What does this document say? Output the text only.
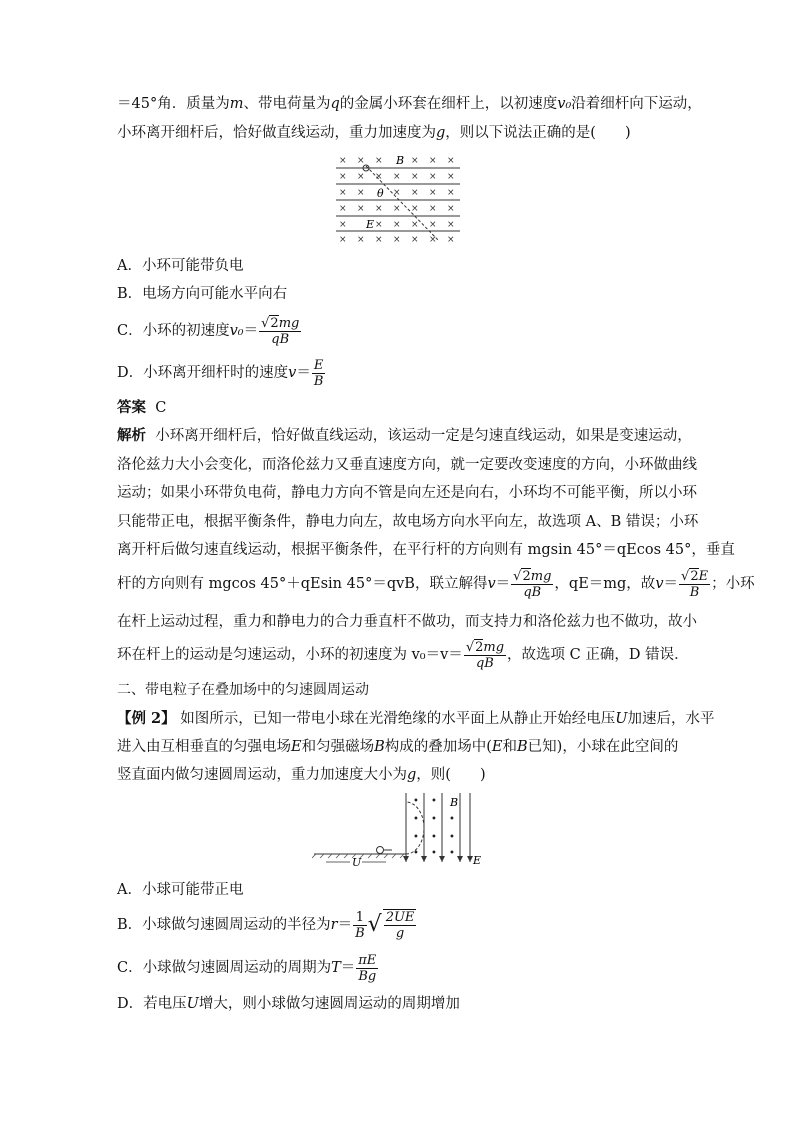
＝45°角．质量为m、带电荷量为q的金属小环套在细杆上，以初速度v₀沿着细杆向下运动，
小环离开细杆后，恰好做直线运动，重力加速度为g，则以下说法正确的是(　　)
× × ×	× × ×
× × × × × × ×
× ×	× × × ×
× × × × × × ×
×	× × × × ×
× × × × × × ×
B
θ
E
A．小环可能带负电
B．电场方向可能水平向右
C．小环的初速度$v_0= \frac{√2mg}{qB}$
D．小环离开细杆时的速度$v= \frac{E}{B}$
答案 C
解析 小环离开细杆后，恰好做直线运动，该运动一定是匀速直线运动，如果是变速运动，
洛伦兹力大小会变化，而洛伦兹力又垂直速度方向，就一定要改变速度的方向，小环做曲线
运动；如果小环带负电荷，静电力方向不管是向左还是向右，小环均不可能平衡，所以小环
只能带正电，根据平衡条件，静电力向左，故电场方向水平向左，故选项 A、B 错误；小环
离开杆后做匀速直线运动，根据平衡条件，在平行杆的方向则有 mgsin 45°＝qEcos 45°，垂直
杆的方向则有 mgcos 45°＋qEsin 45°＝qvB，联立解得$v= \frac{√2mg}{qB}$ ，qE＝mg，故$v= \frac{√2E}{B}$ ；小环
在杆上运动过程，重力和静电力的合力垂直杆不做功，而支持力和洛伦兹力也不做功，故小
环在杆上的运动是匀速运动，小环的初速度为 $v_0=v= \frac{√2mg}{qB}$ ，故选项 C 正确，D 错误．
二、带电粒子在叠加场中的匀速圆周运动
【例 2】 如图所示，已知一带电小球在光滑绝缘的水平面上从静止开始经电压U加速后，水平
进入由互相垂直的匀强电场E和匀强磁场B构成的叠加场中(E和B已知)，小球在此空间的
竖直面内做匀速圆周运动，重力加速度大小为g，则(　　)
• •
• • •
• • •
• • •
U
B
E
A．小球可能带正电
B．小球做匀速圆周运动的半径为$r= \frac{1}{B}$ √ $\frac{2UE}{g}$
C．小球做匀速圆周运动的周期为$T= \frac{\pi E}{Bg}$
D．若电压U增大，则小球做匀速圆周运动的周期增加
